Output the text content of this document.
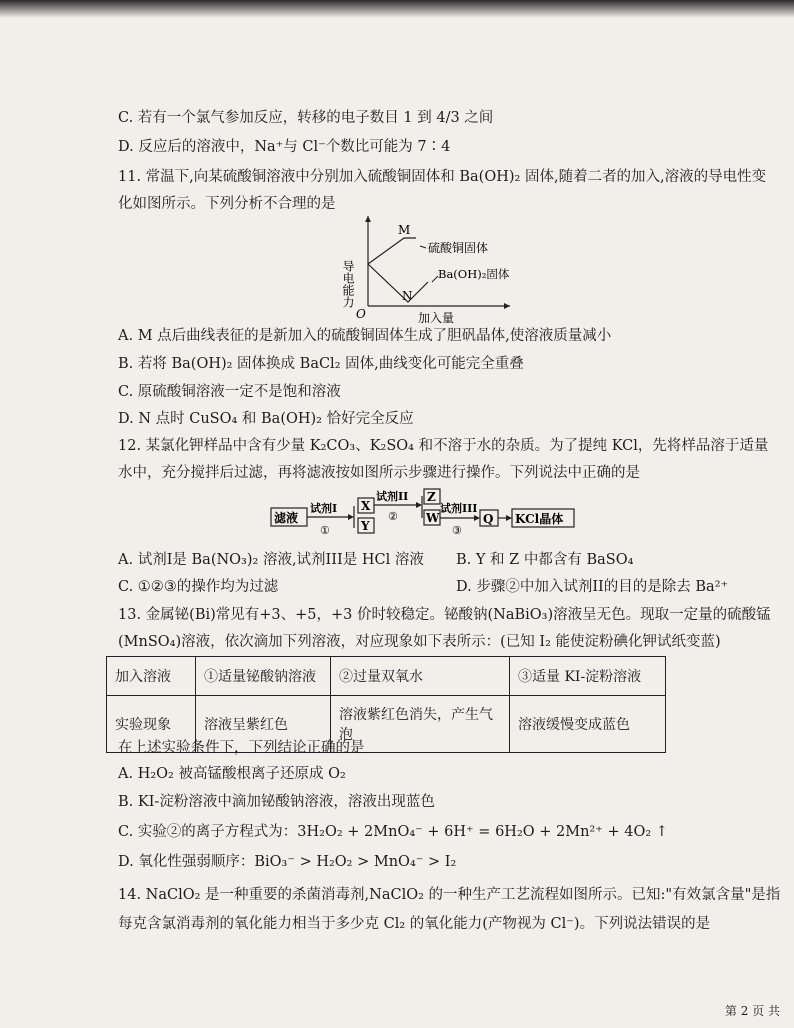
C. 若有一个氯气参加反应，转移的电子数目 1 到 4/3 之间
D. 反应后的溶液中，Na⁺与 Cl⁻个数比可能为 7∶4
11. 常温下,向某硫酸铜溶液中分别加入硫酸铜固体和 Ba(OH)₂ 固体,随着二者的加入,溶液的导电性变
化如图所示。下列分析不合理的是
导电能力
M
N
硫酸铜固体
Ba(OH)₂固体
O	加入量
A. M 点后曲线表征的是新加入的硫酸铜固体生成了胆矾晶体,使溶液质量减小
B. 若将 Ba(OH)₂ 固体换成 BaCl₂ 固体,曲线变化可能完全重叠
C. 原硫酸铜溶液一定不是饱和溶液
D. N 点时 CuSO₄ 和 Ba(OH)₂ 恰好完全反应
12. 某氯化钾样品中含有少量 K₂CO₃、K₂SO₄ 和不溶于水的杂质。为了提纯 KCl，先将样品溶于适量
水中，充分搅拌后过滤，再将滤液按如图所示步骤进行操作。下列说法中正确的是
滤液
试剂I
①
X
Y
试剂II
②
Z
W
试剂III
③
Q KCl晶体
A. 试剂I是 Ba(NO₃)₂ 溶液,试剂III是 HCl 溶液 B. Y 和 Z 中都含有 BaSO₄
C. ①②③的操作均为过滤	D. 步骤②中加入试剂II的目的是除去 Ba²⁺
13. 金属铋(Bi)常见有+3、+5，+3 价时较稳定。铋酸钠(NaBiO₃)溶液呈无色。现取一定量的硫酸锰
(MnSO₄)溶液，依次滴加下列溶液，对应现象如下表所示：(已知 I₂ 能使淀粉碘化钾试纸变蓝)
加入溶液	①适量铋酸钠溶液	②过量双氧水	③适量 KI-淀粉溶液
实验现象	溶液呈紫红色	溶液紫红色消失，产生气泡	溶液缓慢变成蓝色
在上述实验条件下，下列结论正确的是
A. H₂O₂ 被高锰酸根离子还原成 O₂
B. KI-淀粉溶液中滴加铋酸钠溶液，溶液出现蓝色
C. 实验②的离子方程式为：3H₂O₂ + 2MnO₄⁻ + 6H⁺ = 6H₂O + 2Mn²⁺ + 4O₂ ↑
D. 氧化性强弱顺序：BiO₃⁻ > H₂O₂ > MnO₄⁻ > I₂
14. NaClO₂ 是一种重要的杀菌消毒剂,NaClO₂ 的一种生产工艺流程如图所示。已知:"有效氯含量"是指
每克含氯消毒剂的氧化能力相当于多少克 Cl₂ 的氧化能力(产物视为 Cl⁻)。下列说法错误的是
第 2 页 共
